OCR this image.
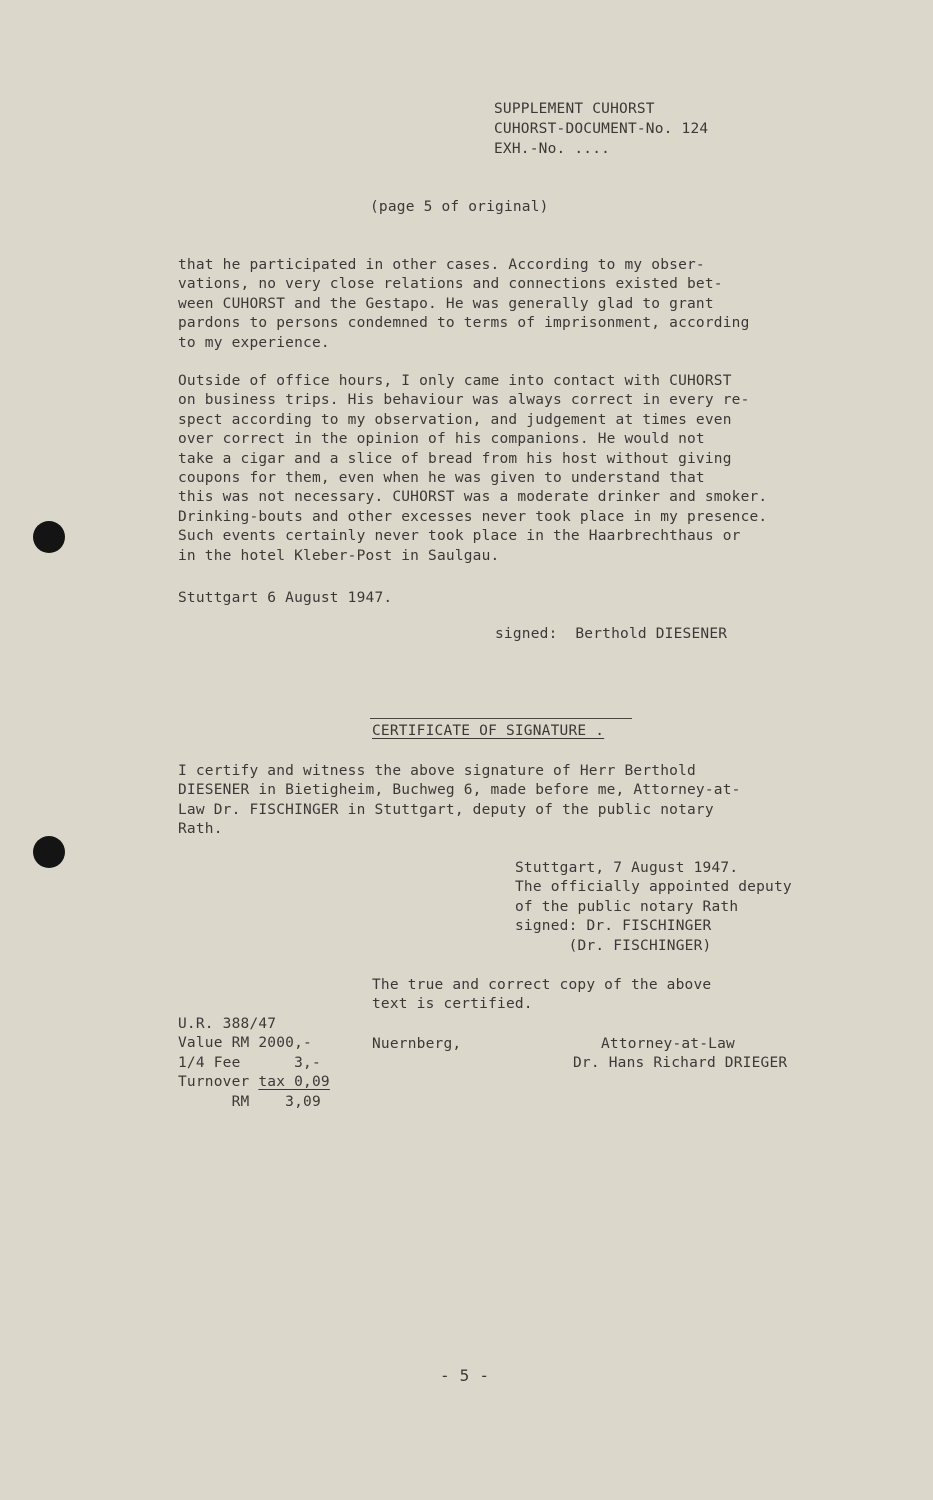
SUPPLEMENT CUHORST
CUHORST-DOCUMENT-No. 124
EXH.-No. ....
(page 5 of original)
that he participated in other cases. According to my obser-
vations, no very close relations and connections existed bet-
ween CUHORST and the Gestapo. He was generally glad to grant
pardons to persons condemned to terms of imprisonment, according
to my experience.
Outside of office hours, I only came into contact with CUHORST
on business trips. His behaviour was always correct in every re-
spect according to my observation, and judgement at times even
over correct in the opinion of his companions. He would not
take a cigar and a slice of bread from his host without giving
coupons for them, even when he was given to understand that
this was not necessary. CUHORST was a moderate drinker and smoker.
Drinking-bouts and other excesses never took place in my presence.
Such events certainly never took place in the Haarbrechthaus or
in the hotel Kleber-Post in Saulgau.
Stuttgart 6 August 1947.
signed:  Berthold DIESENER
CERTIFICATE OF SIGNATURE .
I certify and witness the above signature of Herr Berthold
DIESENER in Bietigheim, Buchweg 6, made before me, Attorney-at-
Law Dr. FISCHINGER in Stuttgart, deputy of the public notary
Rath.
Stuttgart, 7 August 1947.
The officially appointed deputy
of the public notary Rath
signed: Dr. FISCHINGER
(Dr. FISCHINGER)
The true and correct copy of the above
text is certified.
U.R. 388/47
Value RM 2000,-
1/4 Fee      3,-
Turnover tax 0,09
RM    3,09
Nuernberg,	Attorney-at-Law
Dr. Hans Richard DRIEGER
- 5 -
